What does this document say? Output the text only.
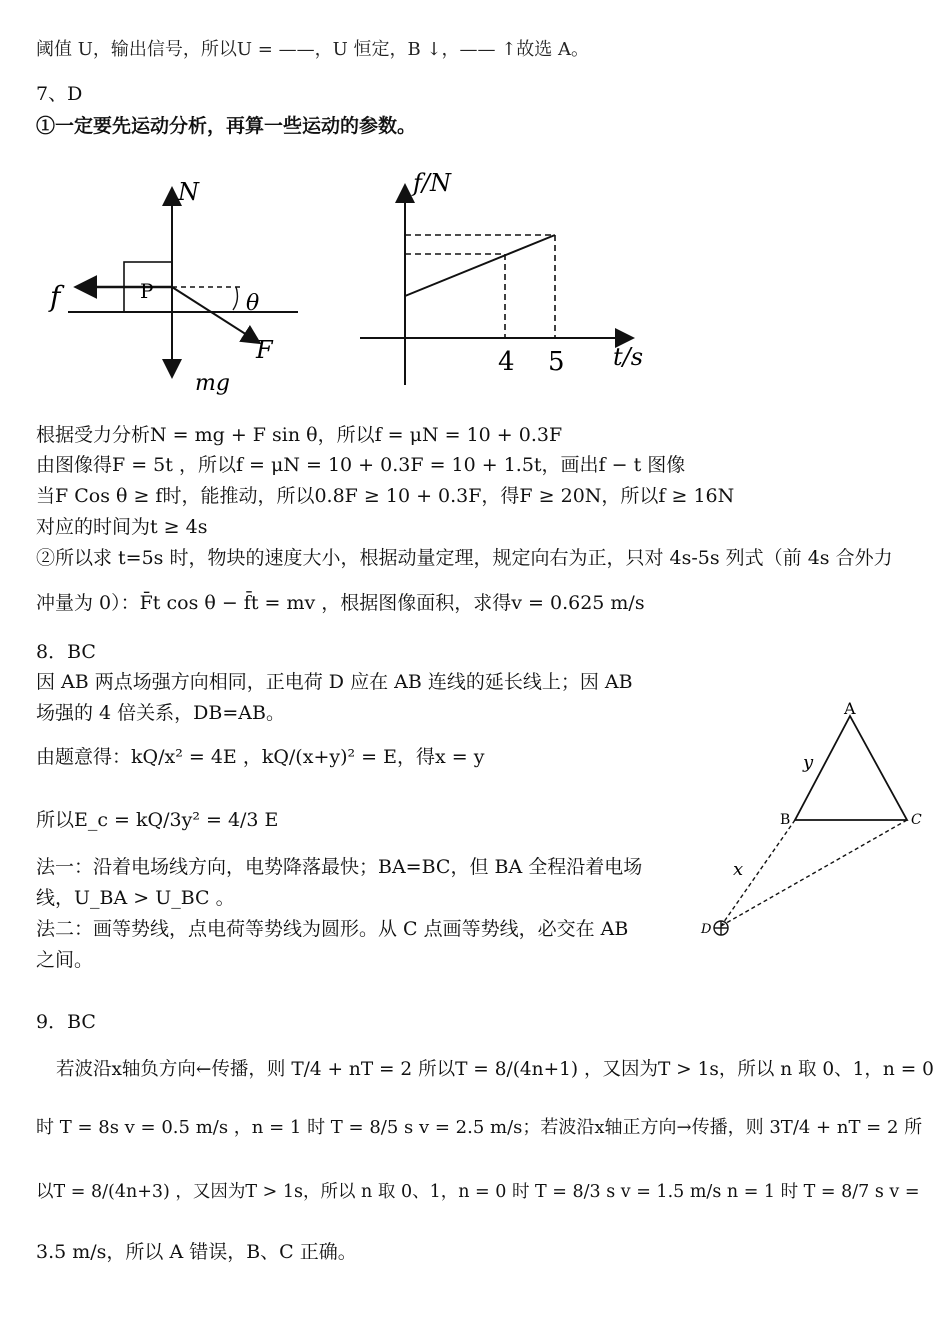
阈值 U，输出信号，所以U = ——，U 恒定，B ↓，—— ↑故选 A。
7、D
①一定要先运动分析，再算一些运动的参数。
N
P
f	θ
F
mg
f/N
t/s
4 5
根据受力分析N = mg + F sin θ，所以f = μN = 10 + 0.3F
由图像得F = 5t ，所以f = μN = 10 + 0.3F = 10 + 1.5t，画出f − t 图像
当F Cos θ ≥ f时，能推动，所以0.8F ≥ 10 + 0.3F，得F ≥ 20N，所以f ≥ 16N
对应的时间为t ≥ 4s
②所以求 t=5s 时，物块的速度大小，根据动量定理，规定向右为正，只对 4s-5s 列式（前 4s 合外力
冲量为 0）：F̄t cos θ − f̄t = mv ，根据图像面积，求得v = 0.625 m/s
8．BC
因 AB 两点场强方向相同，正电荷 D 应在 AB 连线的延长线上；因 AB
场强的 4 倍关系，DB=AB。
由题意得：kQ/x² = 4E ，kQ/(x+y)² = E，得x = y
所以E_c = kQ/3y² = 4/3 E
法一：沿着电场线方向，电势降落最快；BA=BC，但 BA 全程沿着电场
线，U_BA > U_BC 。
法二：画等势线，点电荷等势线为圆形。从 C 点画等势线，必交在 AB
之间。
A
B	C
D
y
x
9．BC
若波沿x轴负方向←传播，则 T/4 + nT = 2 所以T = 8/(4n+1) ，又因为T > 1s，所以 n 取 0、1，n = 0
时 T = 8s v = 0.5 m/s ，n = 1 时 T = 8/5 s v = 2.5 m/s；若波沿x轴正方向→传播，则 3T/4 + nT = 2 所
以T = 8/(4n+3) ，又因为T > 1s，所以 n 取 0、1，n = 0 时 T = 8/3 s v = 1.5 m/s n = 1 时 T = 8/7 s v =
3.5 m/s，所以 A 错误，B、C 正确。
